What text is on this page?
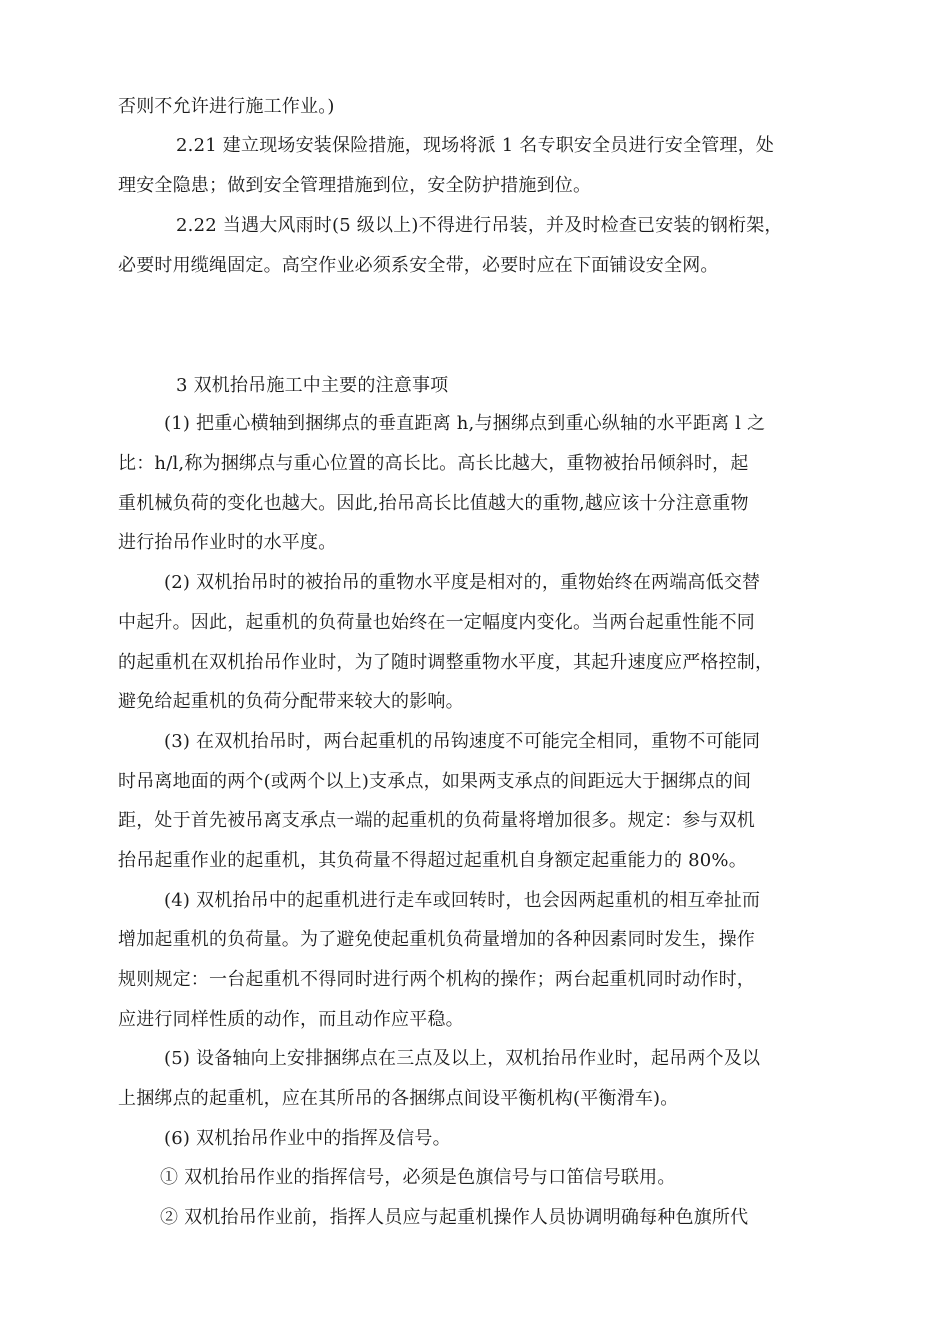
否则不允许进行施工作业。)
2.21 建立现场安装保险措施，现场将派 1 名专职安全员进行安全管理，处
理安全隐患；做到安全管理措施到位，安全防护措施到位。
2.22 当遇大风雨时(5 级以上)不得进行吊装，并及时检查已安装的钢桁架，
必要时用缆绳固定。高空作业必须系安全带，必要时应在下面铺设安全网。
3 双机抬吊施工中主要的注意事项
(1) 把重心横轴到捆绑点的垂直距离 h,与捆绑点到重心纵轴的水平距离 l 之
比：h/l,称为捆绑点与重心位置的高长比。高长比越大，重物被抬吊倾斜时，起
重机械负荷的变化也越大。因此,抬吊高长比值越大的重物,越应该十分注意重物
进行抬吊作业时的水平度。
(2) 双机抬吊时的被抬吊的重物水平度是相对的，重物始终在两端高低交替
中起升。因此，起重机的负荷量也始终在一定幅度内变化。当两台起重性能不同
的起重机在双机抬吊作业时，为了随时调整重物水平度，其起升速度应严格控制，
避免给起重机的负荷分配带来较大的影响。
(3) 在双机抬吊时，两台起重机的吊钩速度不可能完全相同，重物不可能同
时吊离地面的两个(或两个以上)支承点，如果两支承点的间距远大于捆绑点的间
距，处于首先被吊离支承点一端的起重机的负荷量将增加很多。规定：参与双机
抬吊起重作业的起重机，其负荷量不得超过起重机自身额定起重能力的 80%。
(4) 双机抬吊中的起重机进行走车或回转时，也会因两起重机的相互牵扯而
增加起重机的负荷量。为了避免使起重机负荷量增加的各种因素同时发生，操作
规则规定：一台起重机不得同时进行两个机构的操作；两台起重机同时动作时，
应进行同样性质的动作，而且动作应平稳。
(5) 设备轴向上安排捆绑点在三点及以上，双机抬吊作业时，起吊两个及以
上捆绑点的起重机，应在其所吊的各捆绑点间设平衡机构(平衡滑车)。
(6) 双机抬吊作业中的指挥及信号。
① 双机抬吊作业的指挥信号，必须是色旗信号与口笛信号联用。
② 双机抬吊作业前，指挥人员应与起重机操作人员协调明确每种色旗所代
